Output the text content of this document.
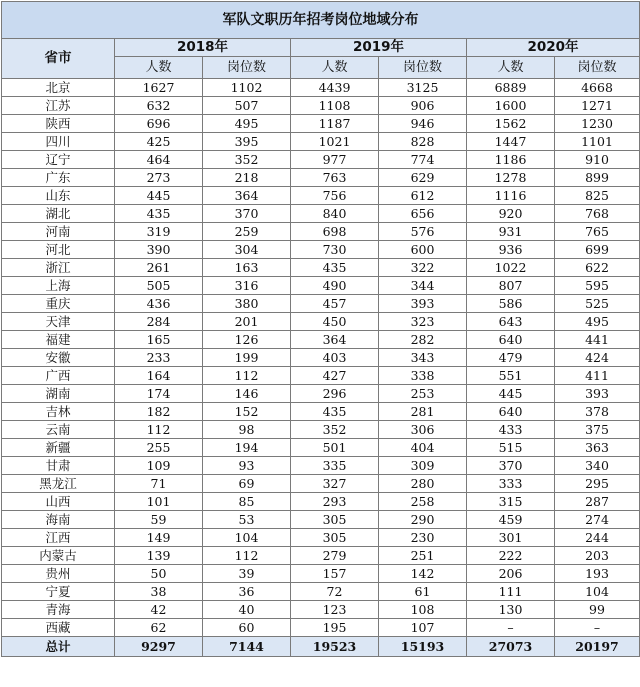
军队文职历年招考岗位地域分布						
省市	2018年		2019年		2020年	
	人数	岗位数	人数	岗位数	人数	岗位数
北京	1627	1102	4439	3125	6889	4668
江苏	632	507	1108	906	1600	1271
陕西	696	495	1187	946	1562	1230
四川	425	395	1021	828	1447	1101
辽宁	464	352	977	774	1186	910
广东	273	218	763	629	1278	899
山东	445	364	756	612	1116	825
湖北	435	370	840	656	920	768
河南	319	259	698	576	931	765
河北	390	304	730	600	936	699
浙江	261	163	435	322	1022	622
上海	505	316	490	344	807	595
重庆	436	380	457	393	586	525
天津	284	201	450	323	643	495
福建	165	126	364	282	640	441
安徽	233	199	403	343	479	424
广西	164	112	427	338	551	411
湖南	174	146	296	253	445	393
吉林	182	152	435	281	640	378
云南	112	98	352	306	433	375
新疆	255	194	501	404	515	363
甘肃	109	93	335	309	370	340
黑龙江	71	69	327	280	333	295
山西	101	85	293	258	315	287
海南	59	53	305	290	459	274
江西	149	104	305	230	301	244
内蒙古	139	112	279	251	222	203
贵州	50	39	157	142	206	193
宁夏	38	36	72	61	111	104
青海	42	40	123	108	130	99
西藏	62	60	195	107	–	–
总计	9297	7144	19523	15193	27073	20197
